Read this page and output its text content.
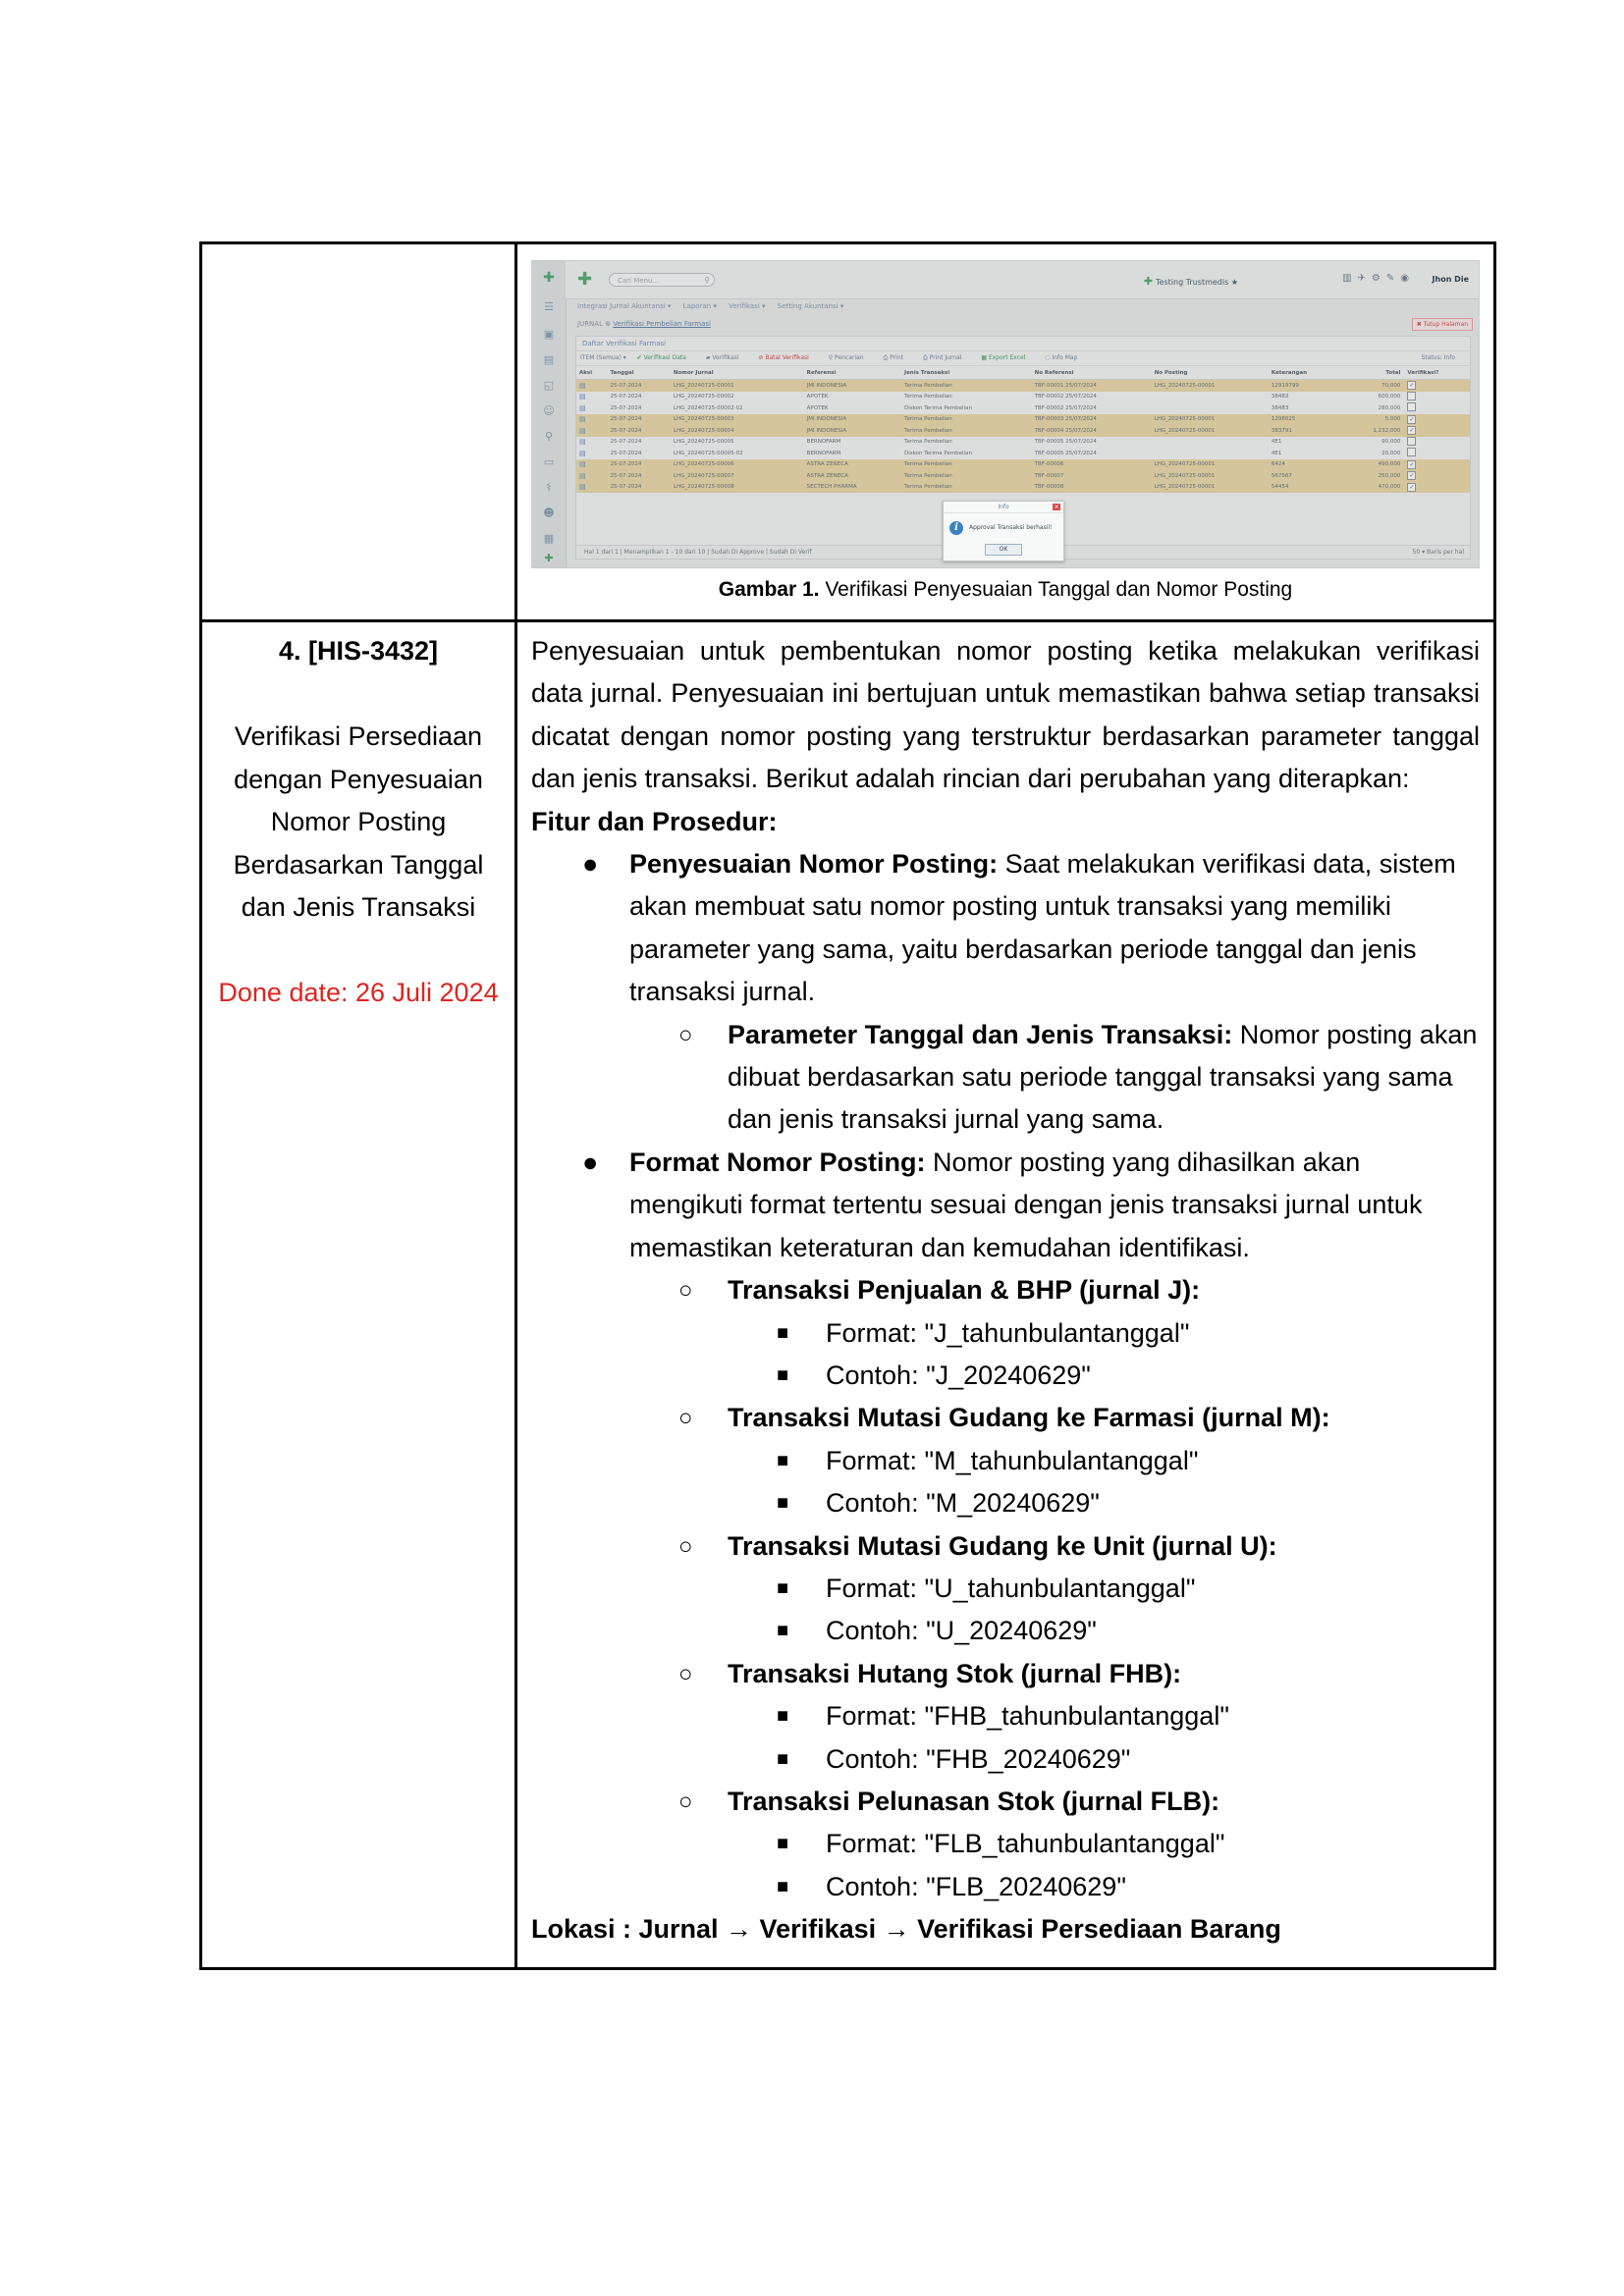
✚
☰
▣
▤
◱
☺
⚲
▭
⚕
☻
▦
✚
✚	Cari Menu...	⚲	✚ Testing Trustmedis ★	▥✈⚙✎◉ Jhon Die
Integrasi Jurnal Akuntansi ▾ Laporan ▾ Verifikasi ▾ Setting Akuntansi ▾
JURNAL ⊗ Verifikasi Pembelian Farmasi	✖ Tutup Halaman
Daftar Verifikasi Farmasi
ITEM (Semua) ▾ ✔ Verifikasi Data	▰ Verifikasi	⊘ Batal Verifikasi	⚲ Pencarian	⎙ Print	⎙ Print Jurnal	▦ Export Excel	◌ Info Map	Status: Info
Aksi	Tanggal	Nomor Jurnal	Referensi	Jenis Transaksi	No Referensi	No Posting	Keterangan	Total	Verifikasi?
▤	25-07-2024	LHG_20240725-00001	JMI INDONESIA	Terima Pembelian	TBF-00001 25/07/2024	LHG_20240725-00001	12919799	70,000	✓
▤	25-07-2024	LHG_20240725-00002	APOTEK	Terima Pembelian	TBF-00002 25/07/2024		38483	600,000	
▤	25-07-2024	LHG_20240725-00002-02	APOTEK	Diskon Terima Pembelian	TBF-00002 25/07/2024		38483	280,000	
▤	25-07-2024	LHG_20240725-00003	JMI INDONESIA	Terima Pembelian	TBF-00003 25/07/2024	LHG_20240725-00001	1298025	5,000	✓
▤	25-07-2024	LHG_20240725-00004	JMI INDONESIA	Terima Pembelian	TBF-00004 25/07/2024	LHG_20240725-00001	383791	1,232,000	✓
▤	25-07-2024	LHG_20240725-00005	BERNOFARM	Terima Pembelian	TBF-00005 25/07/2024		4E1	90,000	
▤	25-07-2024	LHG_20240725-00005-02	BERNOFARM	Diskon Terima Pembelian	TBF-00005 25/07/2024		4E1	20,000	
▤	25-07-2024	LHG_20240725-00006	ASTRA ZENECA	Terima Pembelian	TBF-00006	LHG_20240725-00001	6424	490,000	✓
▤	25-07-2024	LHG_20240725-00007	ASTRA ZENECA	Terima Pembelian	TBF-00007	LHG_20240725-00001	567567	250,000	✓
▤	25-07-2024	LHG_20240725-00008	SECTECH PHARMA	Terima Pembelian	TBF-00008	LHG_20240725-00001	54454	470,000	✓
Hal 1 dari 1 | Menampilkan 1 - 10 dari 10 | Sudah Di Approve | Sudah Di Verif	50 ▾ Baris per hal
Info	×
i	Approval Transaksi berhasil!
OK
Gambar 1. Verifikasi Penyesuaian Tanggal dan Nomor Posting

4. [HIS-3432]
Verifikasi Persediaan
dengan Penyesuaian
Nomor Posting
Berdasarkan Tanggal
dan Jenis Transaksi
Done date: 26 Juli 2024

Penyesuaian untuk pembentukan nomor posting ketika melakukan verifikasi data jurnal. Penyesuaian ini bertujuan untuk memastikan bahwa setiap transaksi dicatat dengan nomor posting yang terstruktur berdasarkan parameter tanggal dan jenis transaksi. Berikut adalah rincian dari perubahan yang diterapkan:

Fitur dan Prosedur:
● Penyesuaian Nomor Posting: Saat melakukan verifikasi data, sistem akan membuat satu nomor posting untuk transaksi yang memiliki parameter yang sama, yaitu berdasarkan periode tanggal dan jenis transaksi jurnal.
○ Parameter Tanggal dan Jenis Transaksi: Nomor posting akan dibuat berdasarkan satu periode tanggal transaksi yang sama dan jenis transaksi jurnal yang sama.
● Format Nomor Posting: Nomor posting yang dihasilkan akan mengikuti format tertentu sesuai dengan jenis transaksi jurnal untuk memastikan keteraturan dan kemudahan identifikasi.
○ Transaksi Penjualan & BHP (jurnal J):
■ Format: "J_tahunbulantanggal"
■ Contoh: "J_20240629"
○ Transaksi Mutasi Gudang ke Farmasi (jurnal M):
■ Format: "M_tahunbulantanggal"
■ Contoh: "M_20240629"
○ Transaksi Mutasi Gudang ke Unit (jurnal U):
■ Format: "U_tahunbulantanggal"
■ Contoh: "U_20240629"
○ Transaksi Hutang Stok (jurnal FHB):
■ Format: "FHB_tahunbulantanggal"
■ Contoh: "FHB_20240629"
○ Transaksi Pelunasan Stok (jurnal FLB):
■ Format: "FLB_tahunbulantanggal"
■ Contoh: "FLB_20240629"
Lokasi : Jurnal → Verifikasi → Verifikasi Persediaan Barang
